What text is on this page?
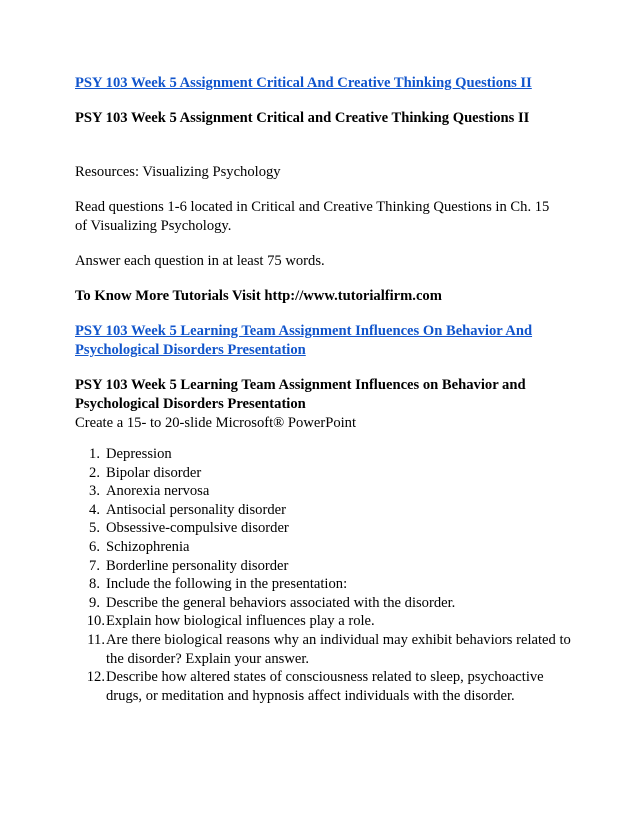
PSY 103 Week 5 Assignment Critical And Creative Thinking Questions II
PSY 103 Week 5 Assignment Critical and Creative Thinking Questions II
Resources: Visualizing Psychology
Read questions 1-6 located in Critical and Creative Thinking Questions in Ch. 15
of Visualizing Psychology.
Answer each question in at least 75 words.
To Know More Tutorials Visit http://www.tutorialfirm.com
PSY 103 Week 5 Learning Team Assignment Influences On Behavior And
Psychological Disorders Presentation
PSY 103 Week 5 Learning Team Assignment Influences on Behavior and
Psychological Disorders Presentation
Create a 15- to 20-slide Microsoft® PowerPoint
1. Depression
2. Bipolar disorder
3. Anorexia nervosa
4. Antisocial personality disorder
5. Obsessive-compulsive disorder
6. Schizophrenia
7. Borderline personality disorder
8. Include the following in the presentation:
9. Describe the general behaviors associated with the disorder.
10. Explain how biological influences play a role.
11. Are there biological reasons why an individual may exhibit behaviors related to the disorder? Explain your answer.
12. Describe how altered states of consciousness related to sleep, psychoactive drugs, or meditation and hypnosis affect individuals with the disorder.
